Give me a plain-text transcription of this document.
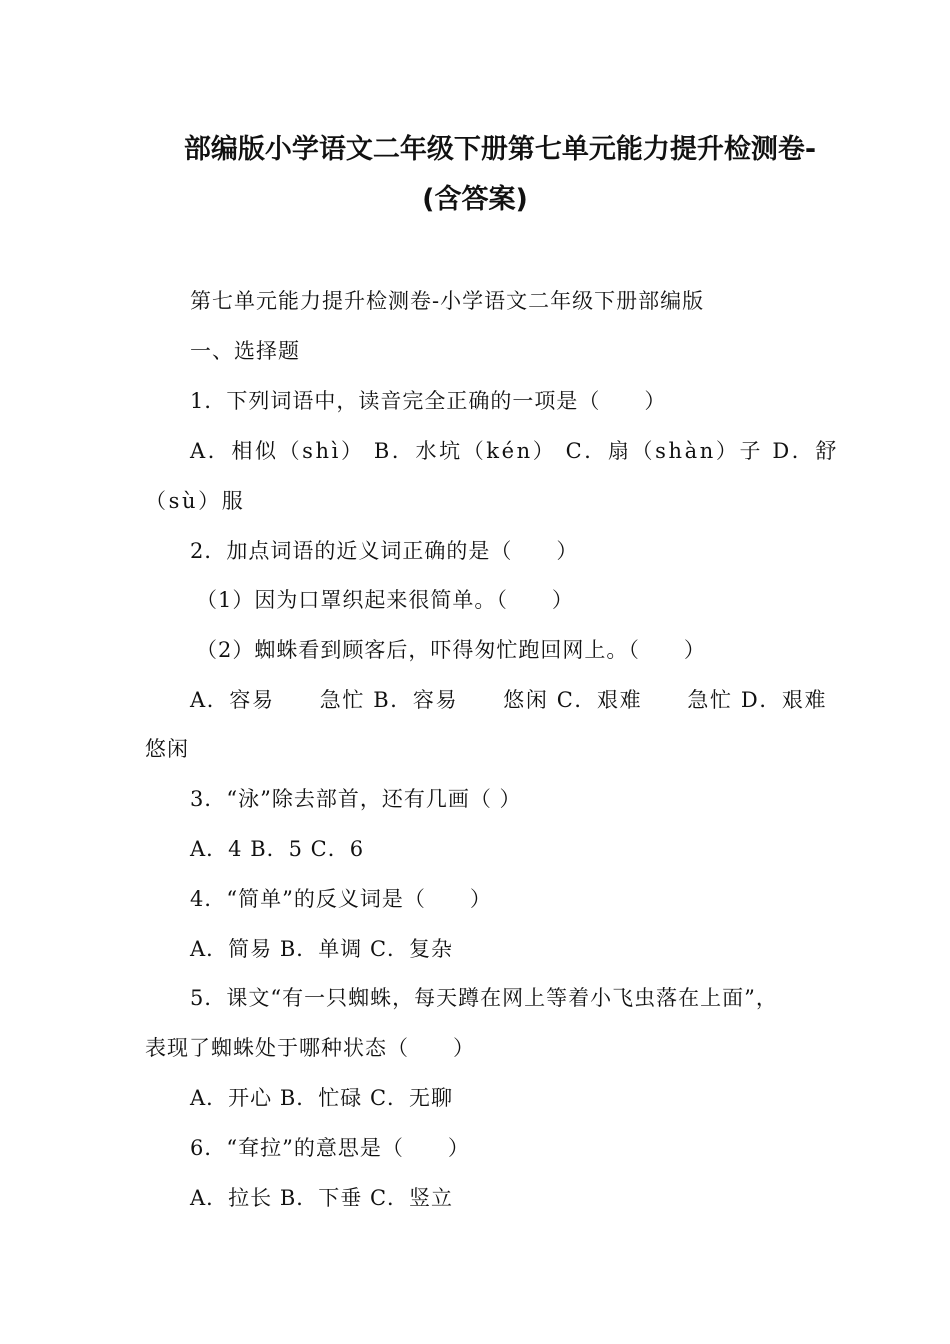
部编版小学语文二年级下册第七单元能力提升检测卷-
(含答案)
第七单元能力提升检测卷-小学语文二年级下册部编版
一、选择题
1．下列词语中，读音完全正确的一项是（　　）
A．相似（shì） B．水坑（kén） C．扇（shàn）子 D．舒
（sù）服
2．加点词语的近义词正确的是（　　）
（1）因为口罩织起来很简单。（　　）
（2）蜘蛛看到顾客后，吓得匆忙跑回网上。（　　）
A．容易　　急忙 B．容易　　悠闲 C．艰难　　急忙 D．艰难
悠闲
3．“泳”除去部首，还有几画（ ）
A．4 B．5 C．6
4．“简单”的反义词是（　　）
A．简易 B．单调 C．复杂
5．课文“有一只蜘蛛，每天蹲在网上等着小飞虫落在上面”，
表现了蜘蛛处于哪种状态（　　）
A．开心 B．忙碌 C．无聊
6．“耷拉”的意思是（　　）
A．拉长 B．下垂 C．竖立
